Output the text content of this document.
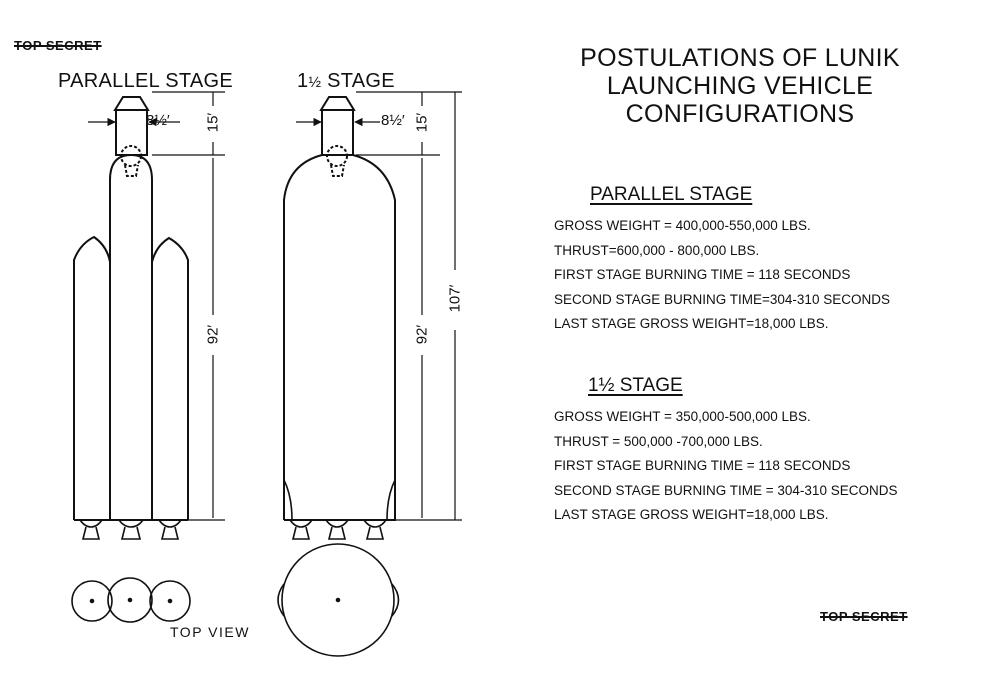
TOP SECRET
PARALLEL STAGE	1½ STAGE
8½′ 15′
92′
8½′ 15′
92′
107′
TOP VIEW
POSTULATIONS OF LUNIK
LAUNCHING VEHICLE CONFIGURATIONS
PARALLEL STAGE
GROSS WEIGHT = 400,000-550,000 LBS.
THRUST=600,000 - 800,000 LBS.
FIRST STAGE BURNING TIME = 118 SECONDS
SECOND STAGE BURNING TIME=304-310 SECONDS
LAST STAGE GROSS WEIGHT=18,000 LBS.
1½ STAGE
GROSS WEIGHT = 350,000-500,000 LBS.
THRUST = 500,000 -700,000 LBS.
FIRST STAGE BURNING TIME = 118 SECONDS
SECOND STAGE BURNING TIME = 304-310 SECONDS
LAST STAGE GROSS WEIGHT=18,000 LBS.
TOP SECRET
